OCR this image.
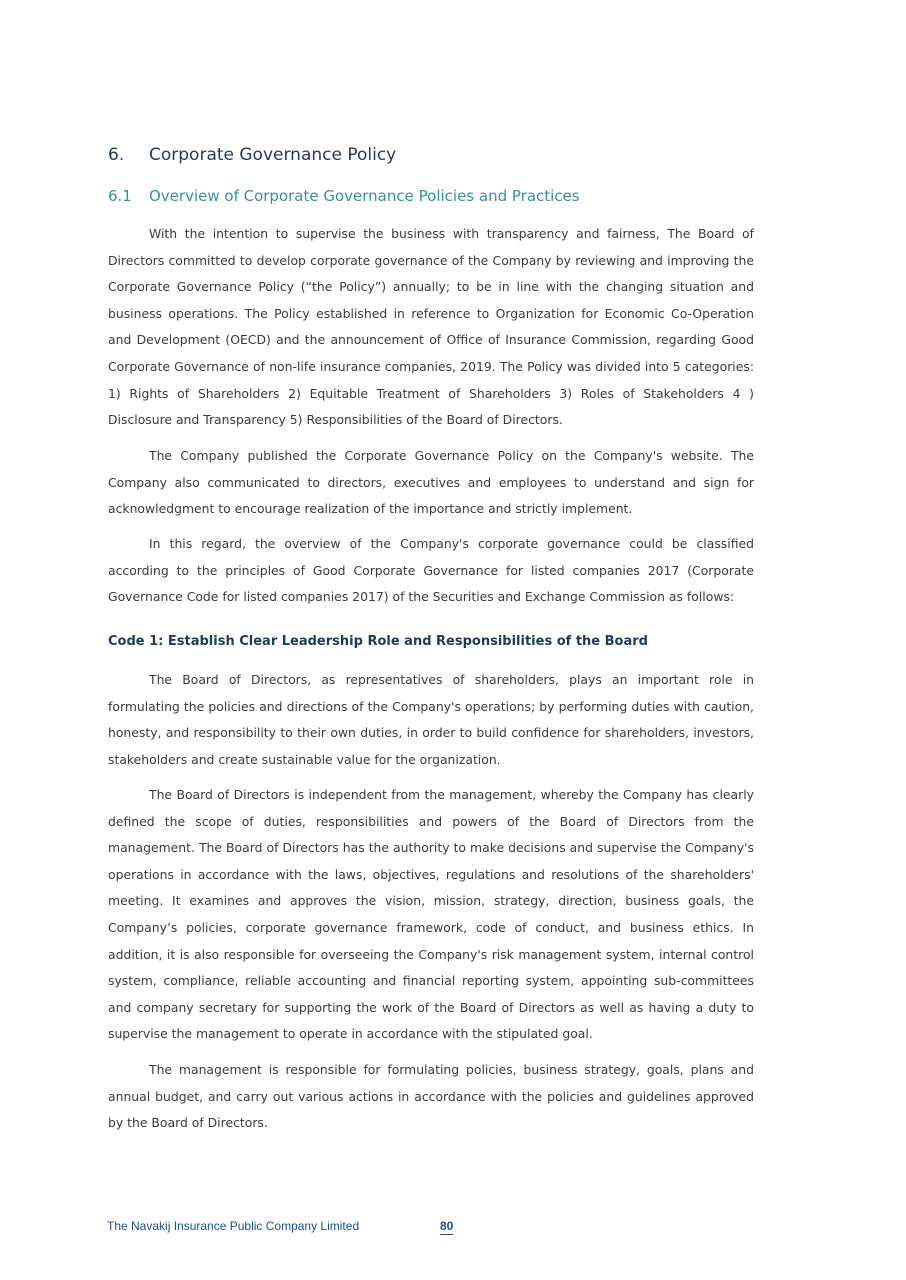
6. Corporate Governance Policy
6.1 Overview of Corporate Governance Policies and Practices

With the intention to supervise the business with transparency and fairness, The Board of Directors committed to develop corporate governance of the Company by reviewing and improving the Corporate Governance Policy (“the Policy”) annually; to be in line with the changing situation and business operations. The Policy established in reference to Organization for Economic Co-Operation and Development (OECD) and the announcement of Office of Insurance Commission, regarding Good Corporate Governance of non-life insurance companies, 2019. The Policy was divided into 5 categories: 1) Rights of Shareholders 2) Equitable Treatment of Shareholders 3) Roles of Stakeholders 4 ) Disclosure and Transparency 5) Responsibilities of the Board of Directors.

The Company published the Corporate Governance Policy on the Company's website. The Company also communicated to directors, executives and employees to understand and sign for acknowledgment to encourage realization of the importance and strictly implement.

In this regard, the overview of the Company's corporate governance could be classified according to the principles of Good Corporate Governance for listed companies 2017 (Corporate Governance Code for listed companies 2017) of the Securities and Exchange Commission as follows:

Code 1: Establish Clear Leadership Role and Responsibilities of the Board

The Board of Directors, as representatives of shareholders, plays an important role in formulating the policies and directions of the Company's operations; by performing duties with caution, honesty, and responsibility to their own duties, in order to build confidence for shareholders, investors, stakeholders and create sustainable value for the organization.

The Board of Directors is independent from the management, whereby the Company has clearly defined the scope of duties, responsibilities and powers of the Board of Directors from the management. The Board of Directors has the authority to make decisions and supervise the Company's operations in accordance with the laws, objectives, regulations and resolutions of the shareholders' meeting. It examines and approves the vision, mission, strategy, direction, business goals, the Company’s policies, corporate governance framework, code of conduct, and business ethics. In addition, it is also responsible for overseeing the Company's risk management system, internal control system, compliance, reliable accounting and financial reporting system, appointing sub-committees and company secretary for supporting the work of the Board of Directors as well as having a duty to supervise the management to operate in accordance with the stipulated goal.

The management is responsible for formulating policies, business strategy, goals, plans and annual budget, and carry out various actions in accordance with the policies and guidelines approved by the Board of Directors.

The Navakij Insurance Public Company Limited	80
